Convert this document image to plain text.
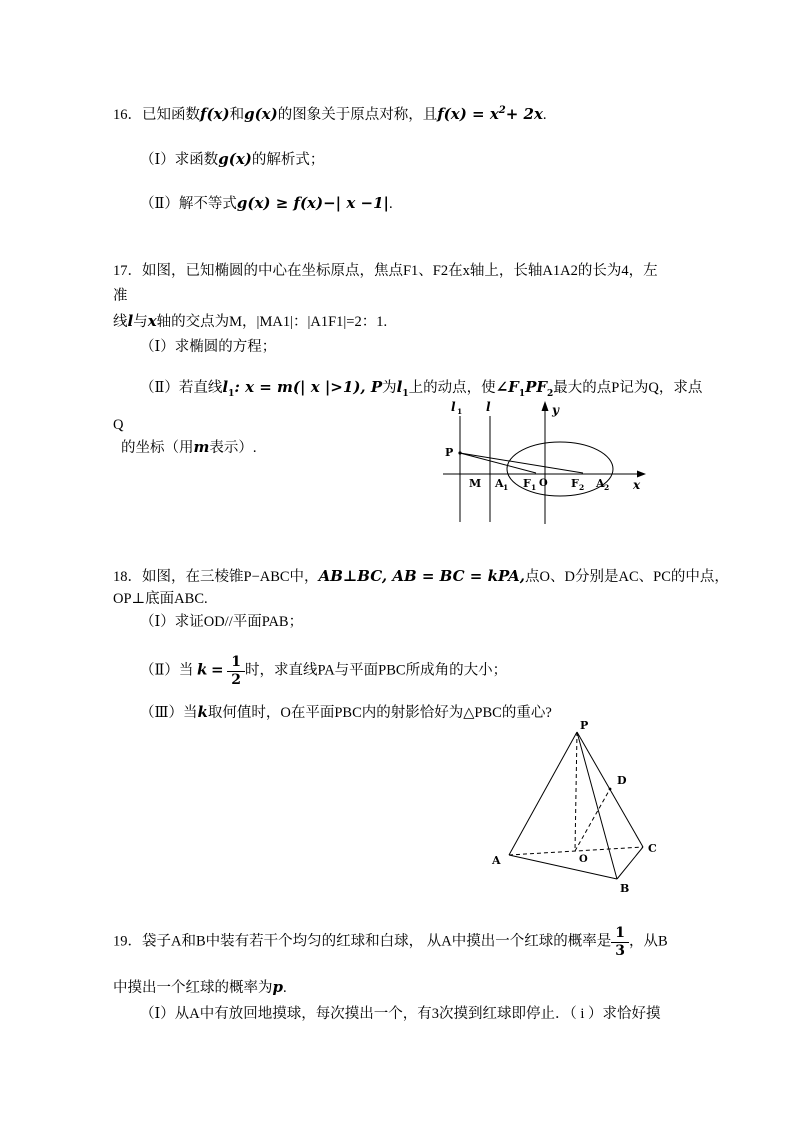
16．已知函数f(x)和g(x)的图象关于原点对称，且$f(x) = x^2+ 2x$.
（Ⅰ）求函数g(x)的解析式；
（Ⅱ）解不等式g(x) ≥ f(x)−| x −1|.
17．如图，已知椭圆的中心在坐标原点，焦点F1、F2在x轴上，长轴A1A2的长为4，左
准
线l与x轴的交点为M，|MA1|：|A1F1|=2：1.
（Ⅰ）求椭圆的方程；
（Ⅱ）若直线$l_1$: x = m(| x |>1), P为$l_1$上的动点，使$\angle F_1PF_2$最大的点P记为Q，求点
Q
的坐标（用m表示）.
l 1 l	y
x
P
M A 1 F 1 O F 2 A 2
18．如图，在三棱锥P−ABC中，AB⊥BC, AB = BC = kPA,点O、D分别是AC、PC的中点，
OP⊥底面ABC.
（Ⅰ）求证OD//平面PAB；
（Ⅱ）当 $k = \frac{1}{2}$ 时，求直线PA与平面PBC所成角的大小；
（Ⅲ）当k取何值时，O在平面PBC内的射影恰好为△PBC的重心?
P
D
A
B
C
O
19．袋子A和B中装有若干个均匀的红球和白球， 从A中摸出一个红球的概率是 $\frac{1}{3}$ ，从B
中摸出一个红球的概率为p.
（Ⅰ）从A中有放回地摸球，每次摸出一个，有3次摸到红球即停止．（ i ）求恰好摸
